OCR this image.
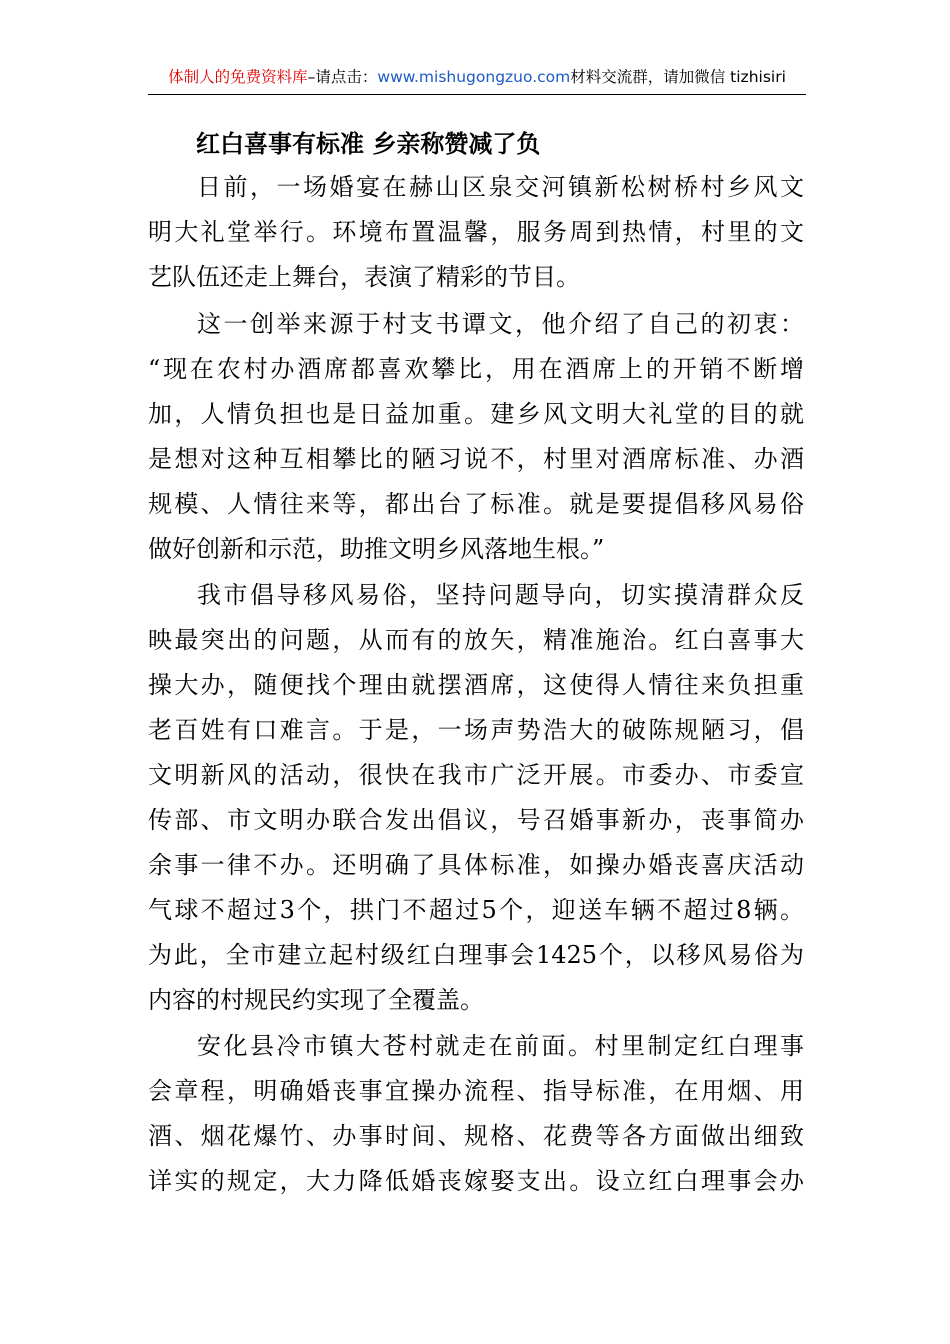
体制人的免费资料库–请点击：www.mishugongzuo.com材料交流群，请加微信 tizhisiri
红白喜事有标准 乡亲称赞减了负
日前，一场婚宴在赫山区泉交河镇新松树桥村乡风文
明大礼堂举行。环境布置温馨，服务周到热情，村里的文
艺队伍还走上舞台，表演了精彩的节目。
这一创举来源于村支书谭文，他介绍了自己的初衷：
“现在农村办酒席都喜欢攀比，用在酒席上的开销不断增
加，人情负担也是日益加重。建乡风文明大礼堂的目的就
是想对这种互相攀比的陋习说不，村里对酒席标准、办酒
规模、人情往来等，都出台了标准。就是要提倡移风易俗
做好创新和示范，助推文明乡风落地生根。”
我市倡导移风易俗，坚持问题导向，切实摸清群众反
映最突出的问题，从而有的放矢，精准施治。红白喜事大
操大办，随便找个理由就摆酒席，这使得人情往来负担重
老百姓有口难言。于是，一场声势浩大的破陈规陋习，倡
文明新风的活动，很快在我市广泛开展。市委办、市委宣
传部、市文明办联合发出倡议，号召婚事新办，丧事简办
余事一律不办。还明确了具体标准，如操办婚丧喜庆活动
气球不超过3个，拱门不超过5个，迎送车辆不超过8辆。
为此，全市建立起村级红白理事会1425个，以移风易俗为
内容的村规民约实现了全覆盖。
安化县冷市镇大苍村就走在前面。村里制定红白理事
会章程，明确婚丧事宜操办流程、指导标准，在用烟、用
酒、烟花爆竹、办事时间、规格、花费等各方面做出细致
详实的规定，大力降低婚丧嫁娶支出。设立红白理事会办
